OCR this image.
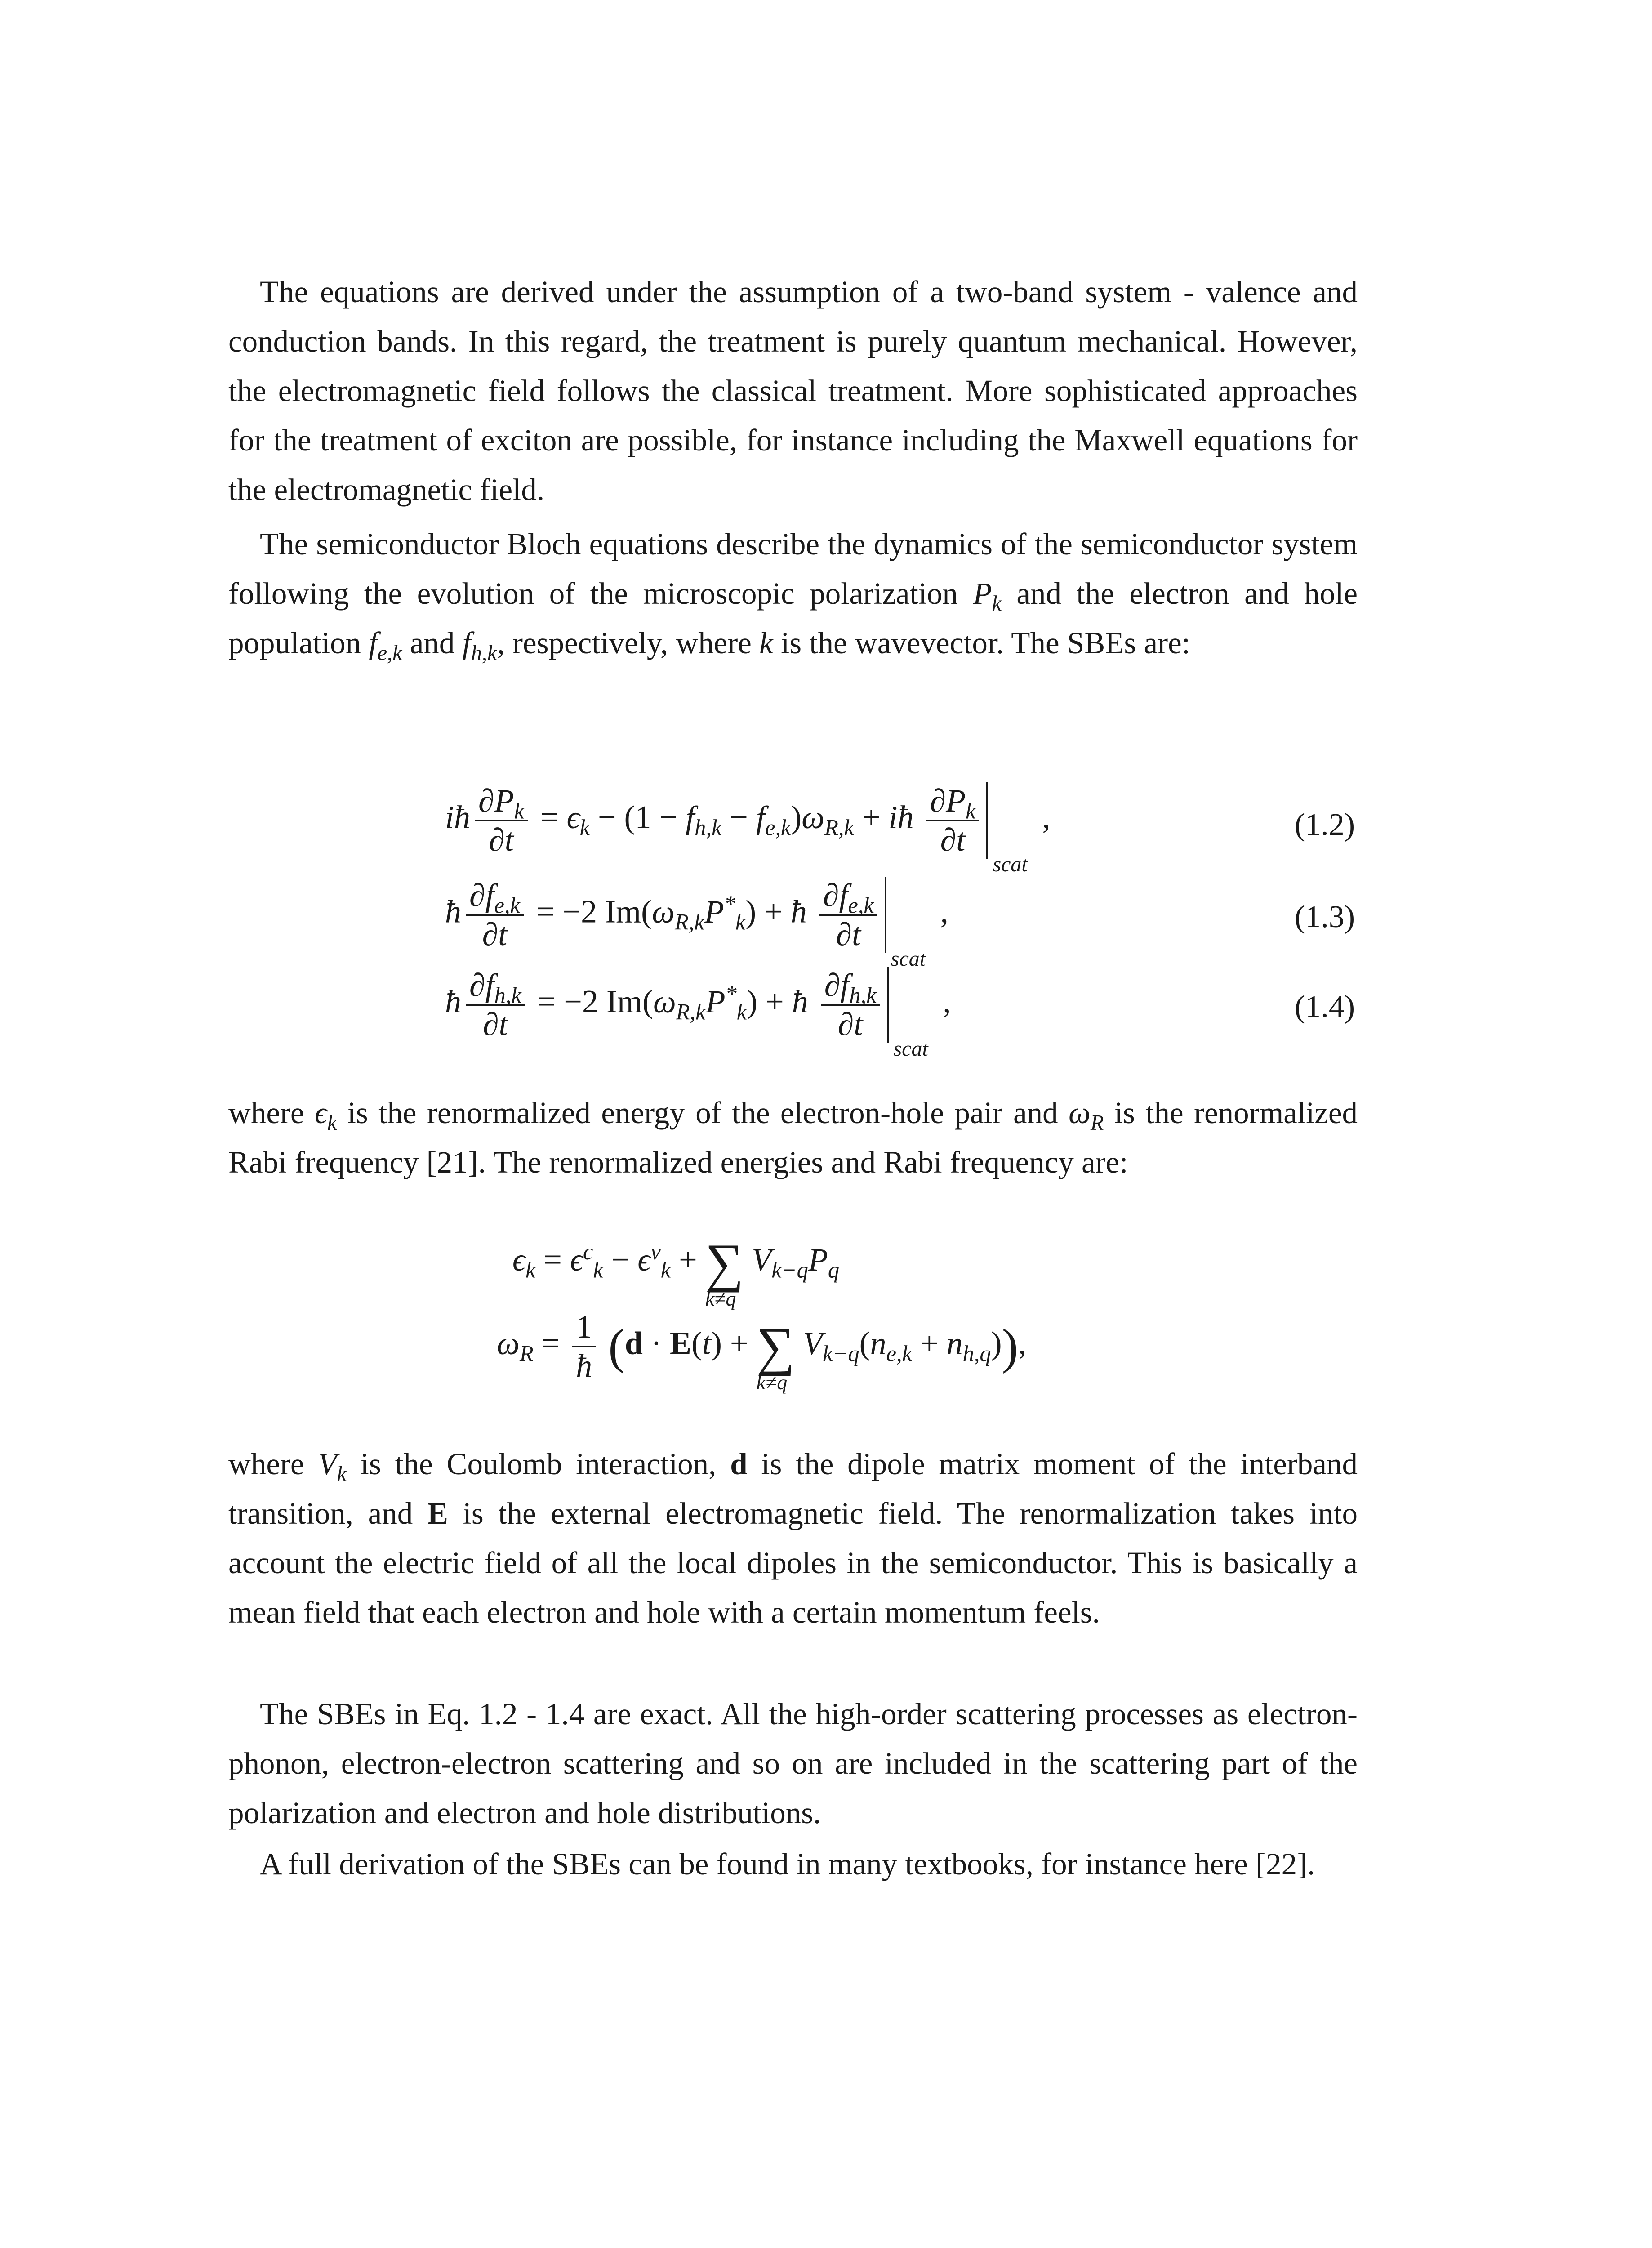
The equations are derived under the assumption of a two-band system - valence and conduction bands. In this regard, the treatment is purely quantum mechanical. However, the electromagnetic field follows the classical treatment. More sophisticated approaches for the treatment of exciton are possible, for instance including the Maxwell equations for the electromagnetic field.

The semiconductor Bloch equations describe the dynamics of the semiconductor system following the evolution of the microscopic polarization $P_k$ and the electron and hole population $f_{e,k}$ and $f_{h,k}$, respectively, where k is the wavevector. The SBEs are:

iħ $\frac{\partial P_k}{\partial t} = \epsilon_k - (1 - f_{h,k} - f_{e,k})\omega_{R,k}$ + iħ $\frac{\partial P_k}{\partial t}$
scat
,	(1.2)
ħ $\frac{\partial f_{e,k}}{\partial t} = -2$ $Im(\omega_{R,k}P^*_k)$ + ħ $\frac{\partial f_{e,k}}{\partial t}$
scat
,	(1.3)
ħ $\frac{\partial f_{h,k}}{\partial t} = -2$ $Im(\omega_{R,k}P^*_k)$ + ħ $\frac{\partial f_{h,k}}{\partial t}$
scat
,	(1.4)

where $\epsilon_k$ is the renormalized energy of the electron-hole pair and $\omega_R$ is the renormalized Rabi frequency [21]. The renormalized energies and Rabi frequency are:

$\epsilon_k = \epsilon^c_k - \epsilon^v_k$ + ∑
k≠q
$V_{k-q}P_q$
$\omega_R = \frac{1}{ħ} (d \cdot E(t)$ + ∑
k≠q
$V_{k-q}(n_{e,k} + n_{h,q})$),

where $V_k$ is the Coulomb interaction, d is the dipole matrix moment of the interband transition, and E is the external electromagnetic field. The renormalization takes into account the electric field of all the local dipoles in the semiconductor. This is basically a mean field that each electron and hole with a certain momentum feels.

The SBEs in Eq. 1.2 - 1.4 are exact. All the high-order scattering processes as electron-phonon, electron-electron scattering and so on are included in the scattering part of the polarization and electron and hole distributions.

A full derivation of the SBEs can be found in many textbooks, for instance here [22].
